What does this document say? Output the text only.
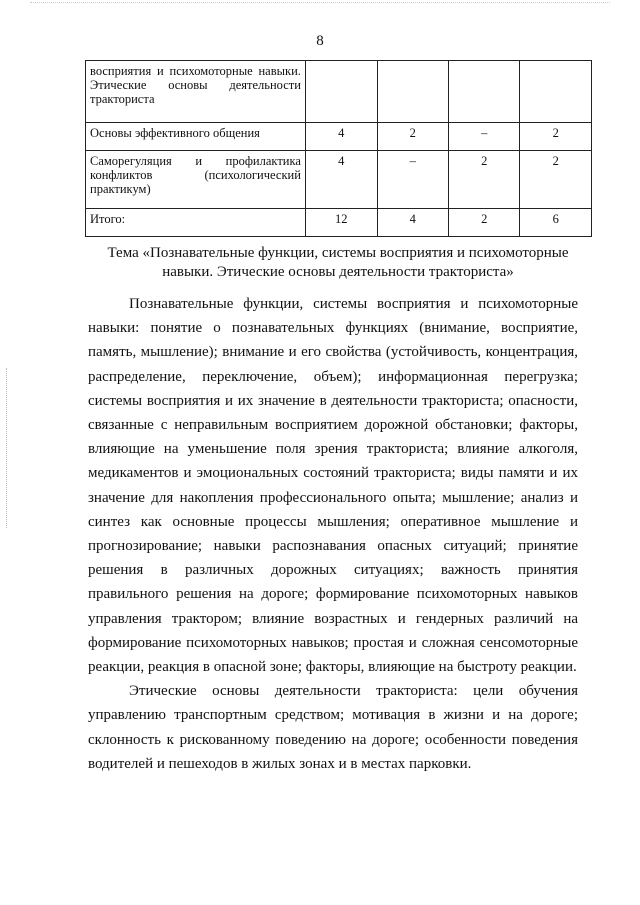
8
восприятия и психомоторные навыки. Этические основы деятельности тракториста				
Основы эффективного общения	4	2	–	2
Саморегуляция и профилактика конфликтов (психологический практикум)	4	–	2	2
Итого:	12	4	2	6
Тема «Познавательные функции, системы восприятия и психомоторные навыки. Этические основы деятельности тракториста»

Познавательные функции, системы восприятия и психомоторные навыки: понятие о познавательных функциях (внимание, восприятие, память, мышление); внимание и его свойства (устойчивость, концентрация, распределение, переключение, объем); информационная перегрузка; системы восприятия и их значение в деятельности тракториста; опасности, связанные с неправильным восприятием дорожной обстановки; факторы, влияющие на уменьшение поля зрения тракториста; влияние алкоголя, медикаментов и эмоциональных состояний тракториста; виды памяти и их значение для накопления профессионального опыта; мышление; анализ и синтез как основные процессы мышления; оперативное мышление и прогнозирование; навыки распознавания опасных ситуаций; принятие решения в различных дорожных ситуациях; важность принятия правильного решения на дороге; формирование психомоторных навыков управления трактором; влияние возрастных и гендерных различий на формирование психомоторных навыков; простая и сложная сенсомоторные реакции, реакция в опасной зоне; факторы, влияющие на быстроту реакции.

Этические основы деятельности тракториста: цели обучения управлению транспортным средством; мотивация в жизни и на дороге; склонность к рискованному поведению на дороге; особенности поведения водителей и пешеходов в жилых зонах и в местах парковки.
